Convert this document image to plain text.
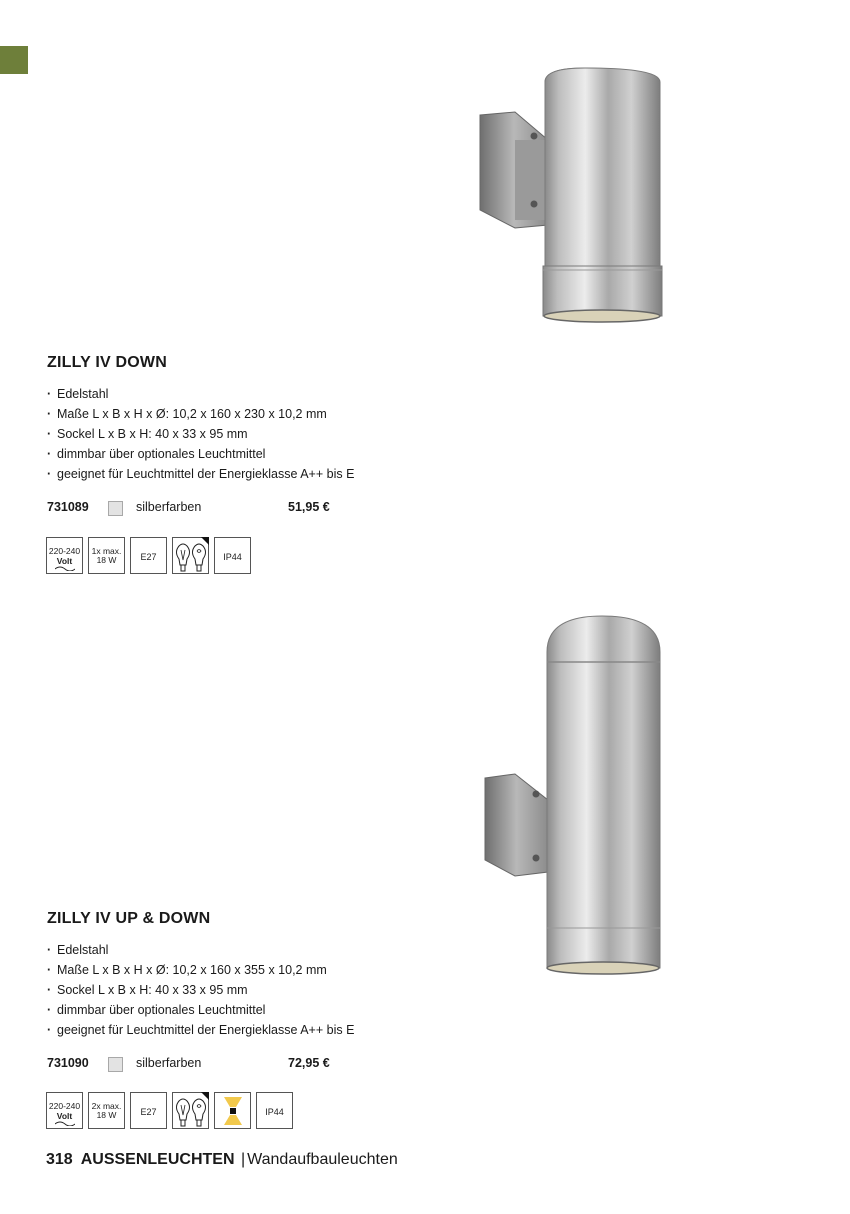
ZILLY IV DOWN
· Edelstahl
· Maße L x B x H x Ø: 10,2 x 160 x 230 x 10,2 mm
· Sockel L x B x H: 40 x 33 x 95 mm
· dimmbar über optionales Leuchtmittel
· geeignet für Leuchtmittel der Energieklasse A++ bis E
731089	silberfarben	51,95 €
220-240
Volt
1x max.
18 W	E27	IP44
ZILLY IV UP & DOWN
· Edelstahl
· Maße L x B x H x Ø: 10,2 x 160 x 355 x 10,2 mm
· Sockel L x B x H: 40 x 33 x 95 mm
· dimmbar über optionales Leuchtmittel
· geeignet für Leuchtmittel der Energieklasse A++ bis E
731090	silberfarben	72,95 €
220-240
Volt
2x max.
18 W	E27	IP44
318 AUSSENLEUCHTEN | Wandaufbauleuchten
